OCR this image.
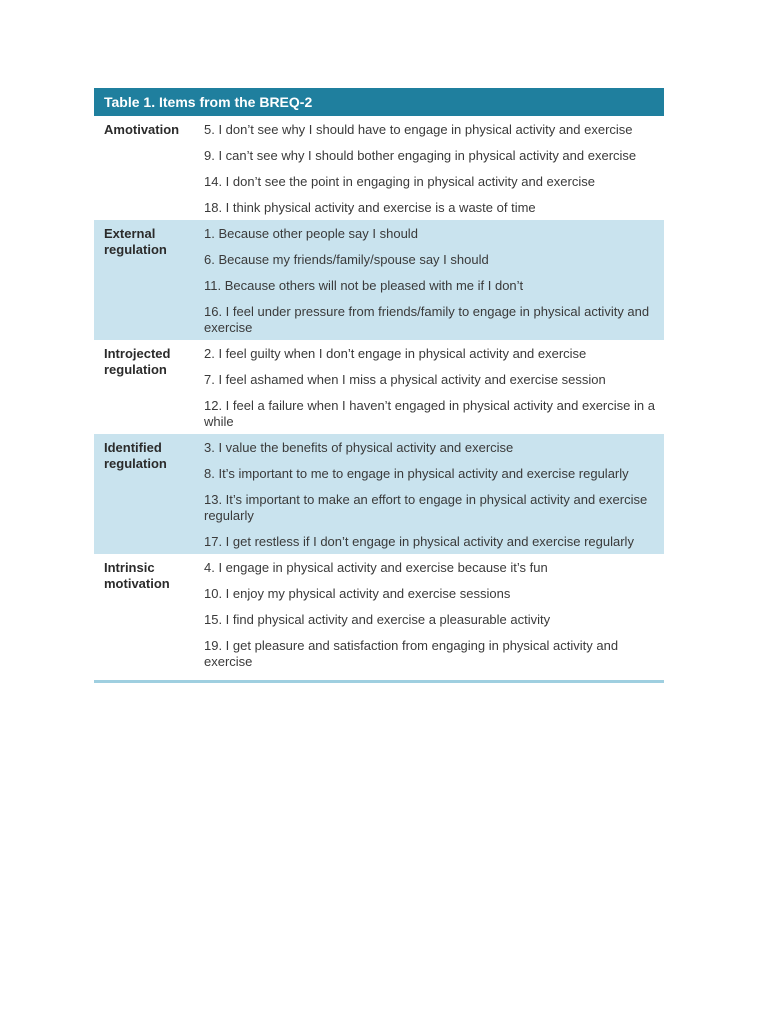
Table 1. Items from the BREQ-2
Amotivation	5. I don’t see why I should have to engage in physical activity and exercise
9. I can’t see why I should bother engaging in physical activity and exercise
14. I don’t see the point in engaging in physical activity and exercise
18. I think physical activity and exercise is a waste of time
External regulation
1. Because other people say I should
6. Because my friends/family/spouse say I should
11. Because others will not be pleased with me if I don’t
16. I feel under pressure from friends/family to engage in physical activity and exercise
Introjected regulation
2. I feel guilty when I don’t engage in physical activity and exercise
7. I feel ashamed when I miss a physical activity and exercise session
12. I feel a failure when I haven’t engaged in physical activity and exercise in a while
Identified regulation
3. I value the benefits of physical activity and exercise
8. It’s important to me to engage in physical activity and exercise regularly
13. It’s important to make an effort to engage in physical activity and exercise regularly
17. I get restless if I don’t engage in physical activity and exercise regularly
Intrinsic motivation
4. I engage in physical activity and exercise because it’s fun
10. I enjoy my physical activity and exercise sessions
15. I find physical activity and exercise a pleasurable activity
19. I get pleasure and satisfaction from engaging in physical activity and exercise
